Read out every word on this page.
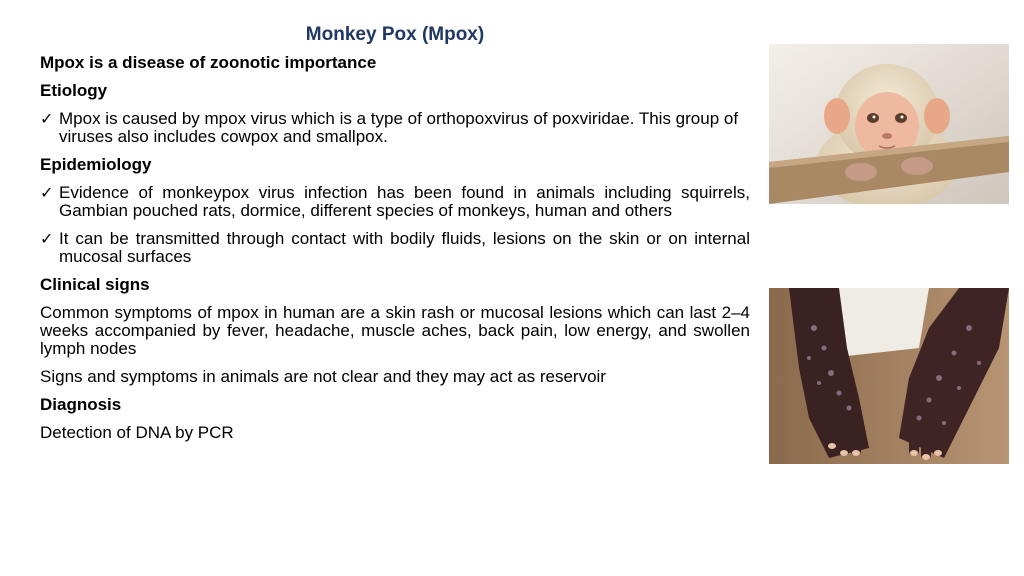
Monkey Pox (Mpox)
Mpox is a disease of zoonotic importance
Etiology
✓ Mpox is caused by mpox virus which is a type of orthopoxvirus of poxviridae. This group of viruses also includes cowpox and smallpox.
Epidemiology
✓ Evidence of monkeypox virus infection has been found in animals including squirrels, Gambian pouched rats, dormice, different species of monkeys, human and others
✓ It can be transmitted through contact with bodily fluids, lesions on the skin or on internal mucosal surfaces
Clinical signs
Common symptoms of mpox in human are a skin rash or mucosal lesions which can last 2–4 weeks accompanied by fever, headache, muscle aches, back pain, low energy, and swollen lymph nodes
Signs and symptoms in animals are not clear and they may act as reservoir
Diagnosis
Detection of DNA by PCR
